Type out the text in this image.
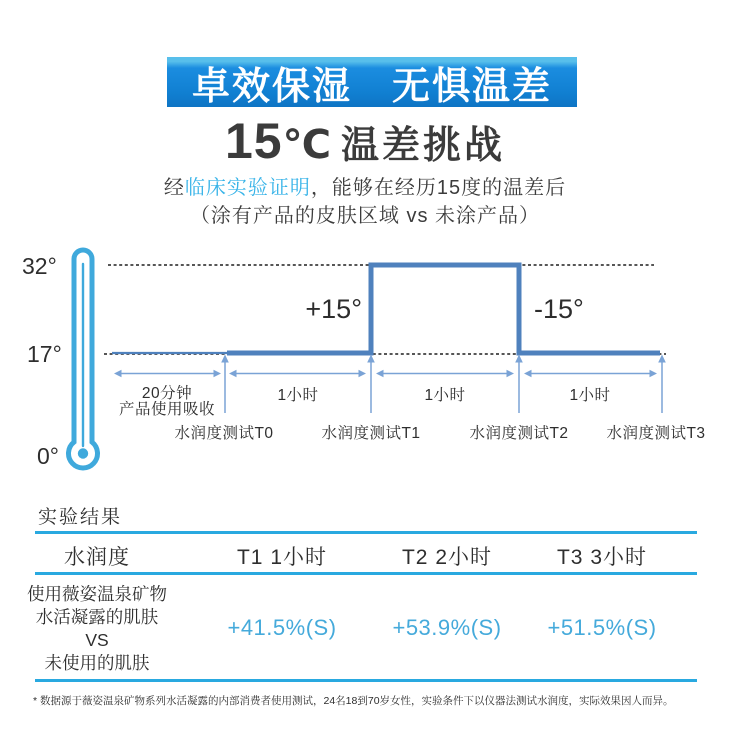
卓效保湿　无惧温差
15℃ 温差挑战
经临床实验证明，能够在经历15度的温差后
（涂有产品的皮肤区域 vs 未涂产品）
32°
17°
0°
+15°	-15°
20分钟
产品使用吸收
1小时	1小时	1小时
水润度测试T0	水润度测试T1	水润度测试T2 水润度测试T3
实验结果
水润度	T1 1小时	T2 2小时	T3 3小时
使用薇姿温泉矿物
水活凝露的肌肤
VS
未使用的肌肤
+41.5%(S)	+53.9%(S) +51.5%(S)
* 数据源于薇姿温泉矿物系列水活凝露的内部消费者使用测试，24名18到70岁女性，实验条件下以仪器法测试水润度，实际效果因人而异。
